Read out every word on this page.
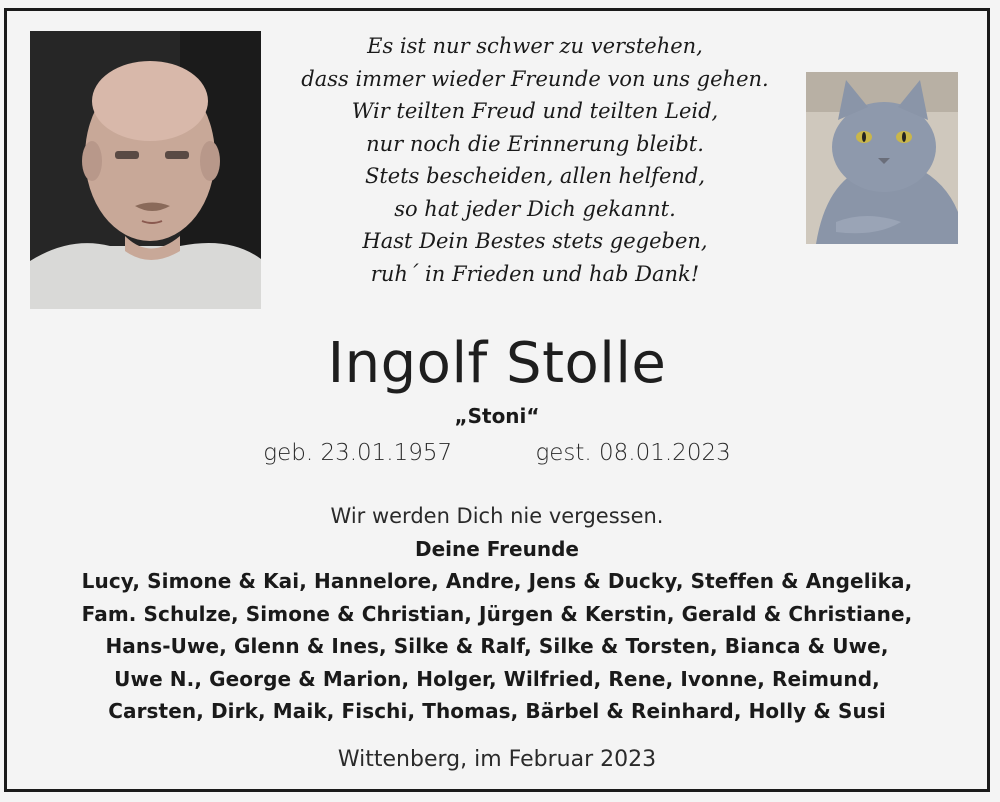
Es ist nur schwer zu verstehen,
dass immer wieder Freunde von uns gehen.
Wir teilten Freud und teilten Leid,
nur noch die Erinnerung bleibt.
Stets bescheiden, allen helfend,
so hat jeder Dich gekannt.
Hast Dein Bestes stets gegeben,
ruh´ in Frieden und hab Dank!
Ingolf Stolle
„Stoni“
geb. 23.01.1957	gest. 08.01.2023
Wir werden Dich nie vergessen.
Deine Freunde
Lucy, Simone & Kai, Hannelore, Andre, Jens & Ducky, Steffen & Angelika,
Fam. Schulze, Simone & Christian, Jürgen & Kerstin, Gerald & Christiane,
Hans-Uwe, Glenn & Ines, Silke & Ralf, Silke & Torsten, Bianca & Uwe,
Uwe N., George & Marion, Holger, Wilfried, Rene, Ivonne, Reimund,
Carsten, Dirk, Maik, Fischi, Thomas, Bärbel & Reinhard, Holly & Susi
Wittenberg, im Februar 2023
